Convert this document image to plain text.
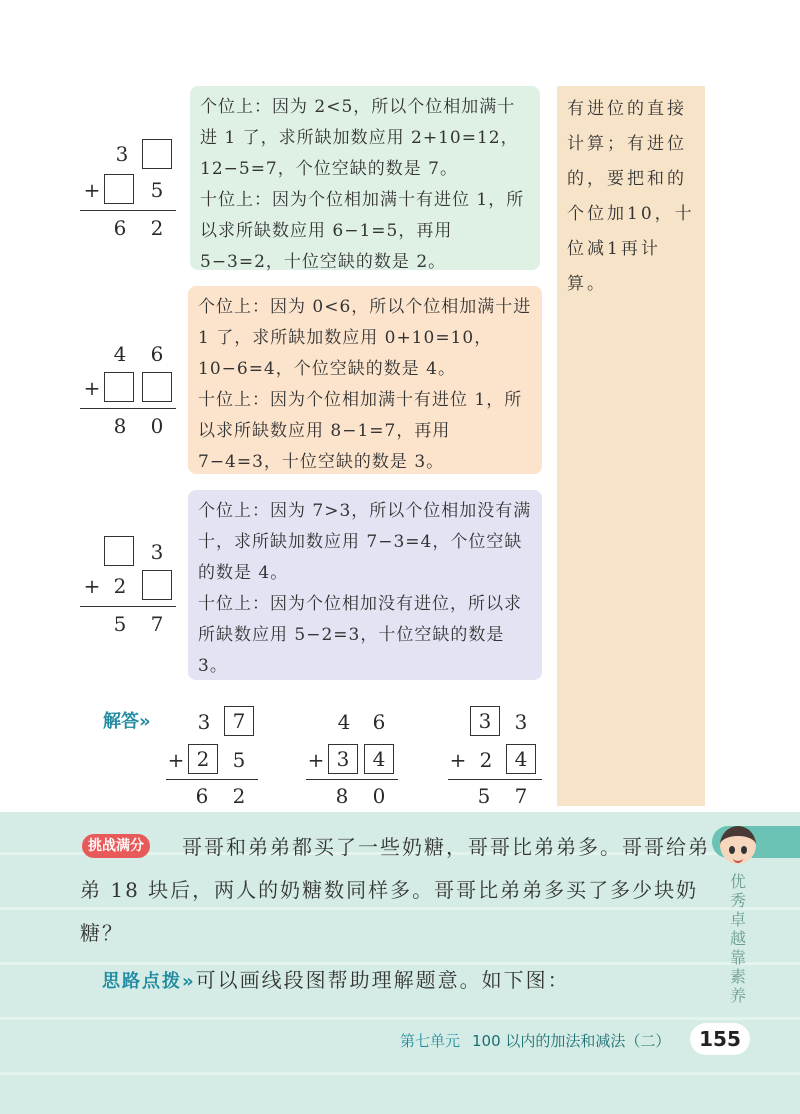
3
+	5
6 2

个位上：因为 2<5，所以个位相加满十进 1 了，求所缺加数应用 2+10=12，12−5=7，个位空缺的数是 7。

十位上：因为个位相加满十有进位 1，所以求所缺数应用 6−1=5，再用 5−3=2，十位空缺的数是 2。

4 6
+
8 0

个位上：因为 0<6，所以个位相加满十进 1 了，求所缺加数应用 0+10=10，10−6=4，个位空缺的数是 4。

十位上：因为个位相加满十有进位 1，所以求所缺数应用 8−1=7，再用 7−4=3，十位空缺的数是 3。

3
+ 2
5 7

个位上：因为 7>3，所以个位相加没有满十，求所缺加数应用 7−3=4，个位空缺的数是 4。

十位上：因为个位相加没有进位，所以求所缺数应用 5−2=3，十位空缺的数是 3。

有进位的直接计算；有进位的，要把和的个位加10，十位减1再计算。
解答» 3 7
+ 2 5
6 2
4 6
+ 3 4
8 0
3 3
+ 2 4
5 7
优秀卓越靠素养
哥哥和弟弟都买了一些奶糖，哥哥比弟弟多。哥哥给弟弟 18 块后，两人的奶糖数同样多。哥哥比弟弟多买了多少块奶糖？
挑战满分
思路点拨»可以画线段图帮助理解题意。如下图：
第七单元 100 以内的加法和减法（二）	155
